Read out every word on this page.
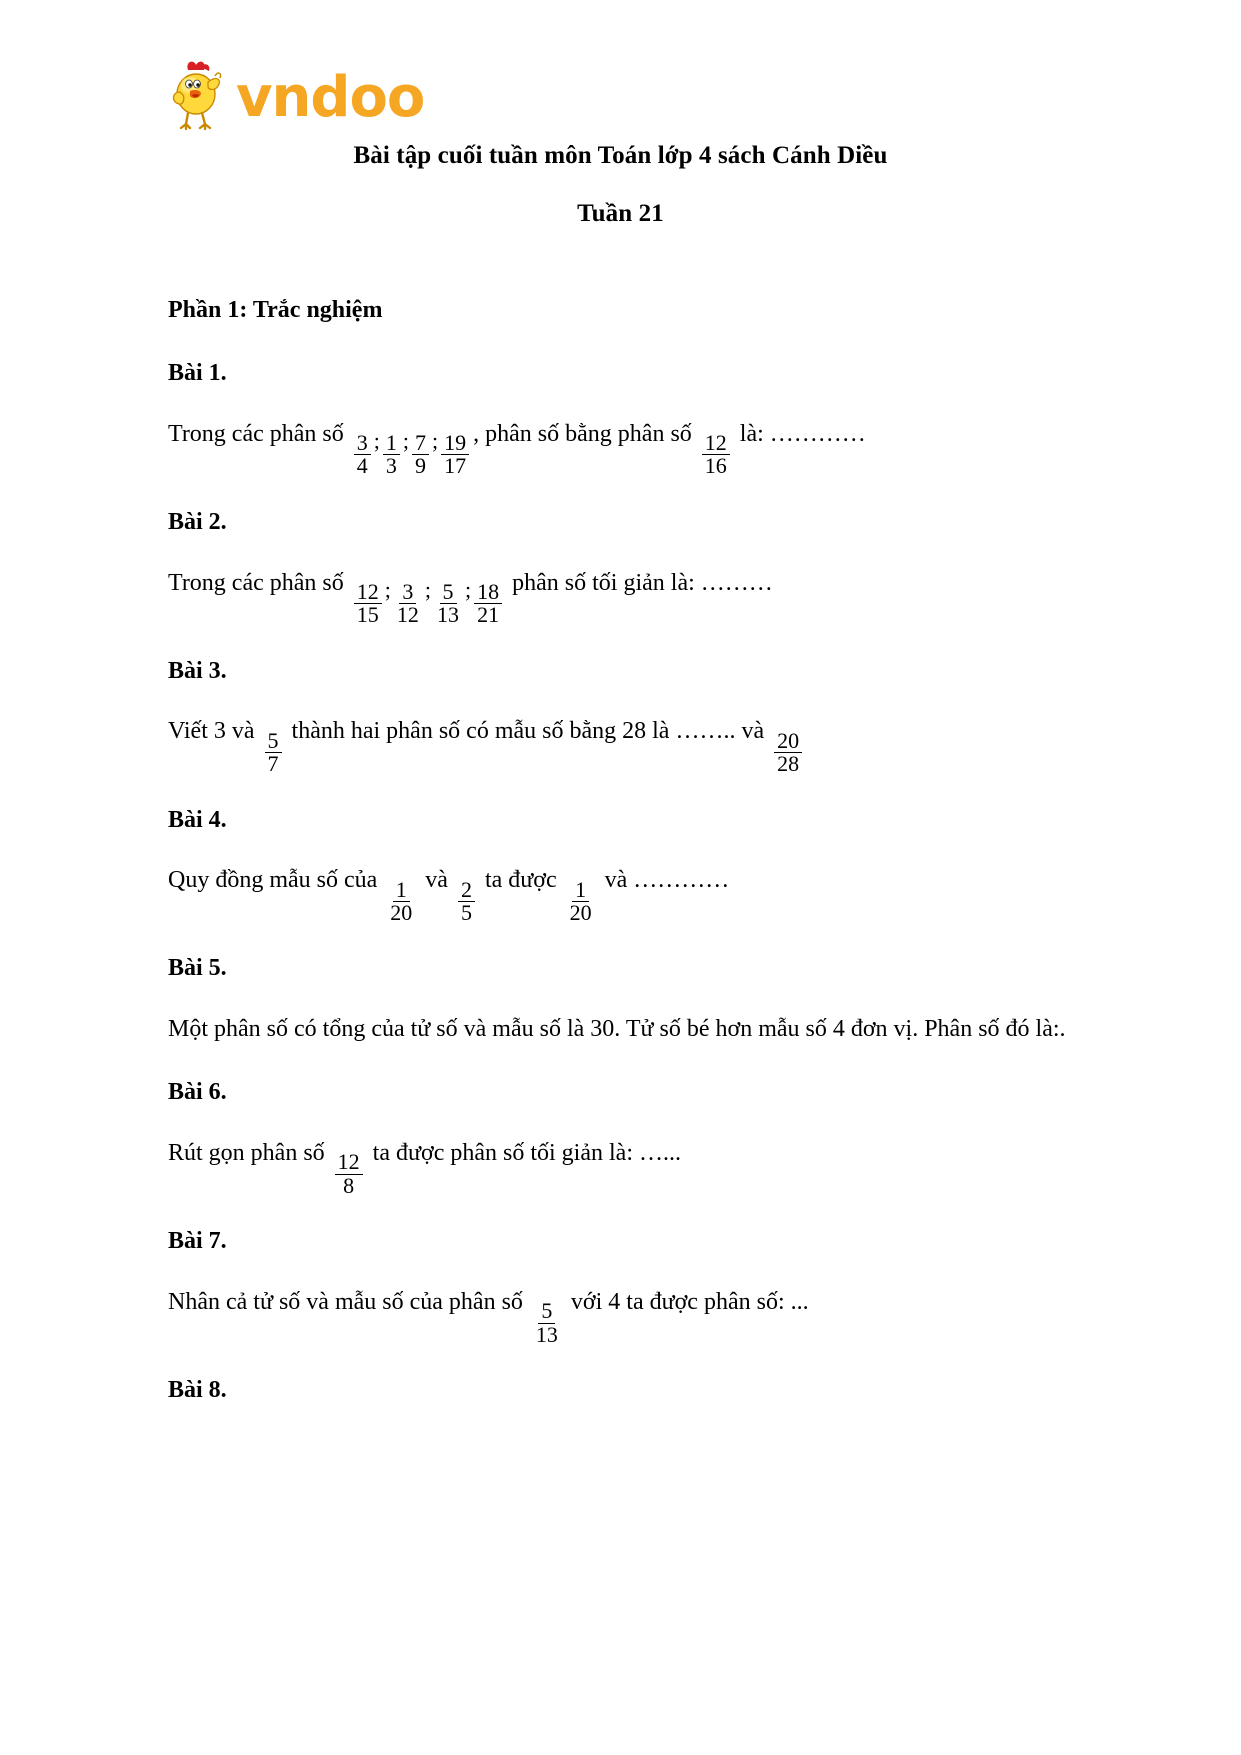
vndoo
Bài tập cuối tuần môn Toán lớp 4 sách Cánh Diều
Tuần 21
Phần 1: Trắc nghiệm
Bài 1.
Trong các phân số $\frac{3}{4}$ ; $\frac{1}{3}$ ; $\frac{7}{9}$ ; $\frac{19}{17}$ , phân số bằng phân số $\frac{12}{16}$ là: …………
Bài 2.
Trong các phân số $\frac{12}{15}$ ; $\frac{3}{12}$ ; $\frac{5}{13}$ ; $\frac{18}{21}$ phân số tối giản là: ………
Bài 3.
Viết 3 và $\frac{5}{7}$ thành hai phân số có mẫu số bằng 28 là …….. và $\frac{20}{28}$
Bài 4.
Quy đồng mẫu số của $\frac{1}{20}$ và $\frac{2}{5}$ ta được $\frac{1}{20}$ và …………
Bài 5.
Một phân số có tổng của tử số và mẫu số là 30. Tử số bé hơn mẫu số 4 đơn vị. Phân số đó là:.
Bài 6.
Rút gọn phân số $\frac{12}{8}$ ta được phân số tối giản là: …...
Bài 7.
Nhân cả tử số và mẫu số của phân số $\frac{5}{13}$ với 4 ta được phân số: ...
Bài 8.
